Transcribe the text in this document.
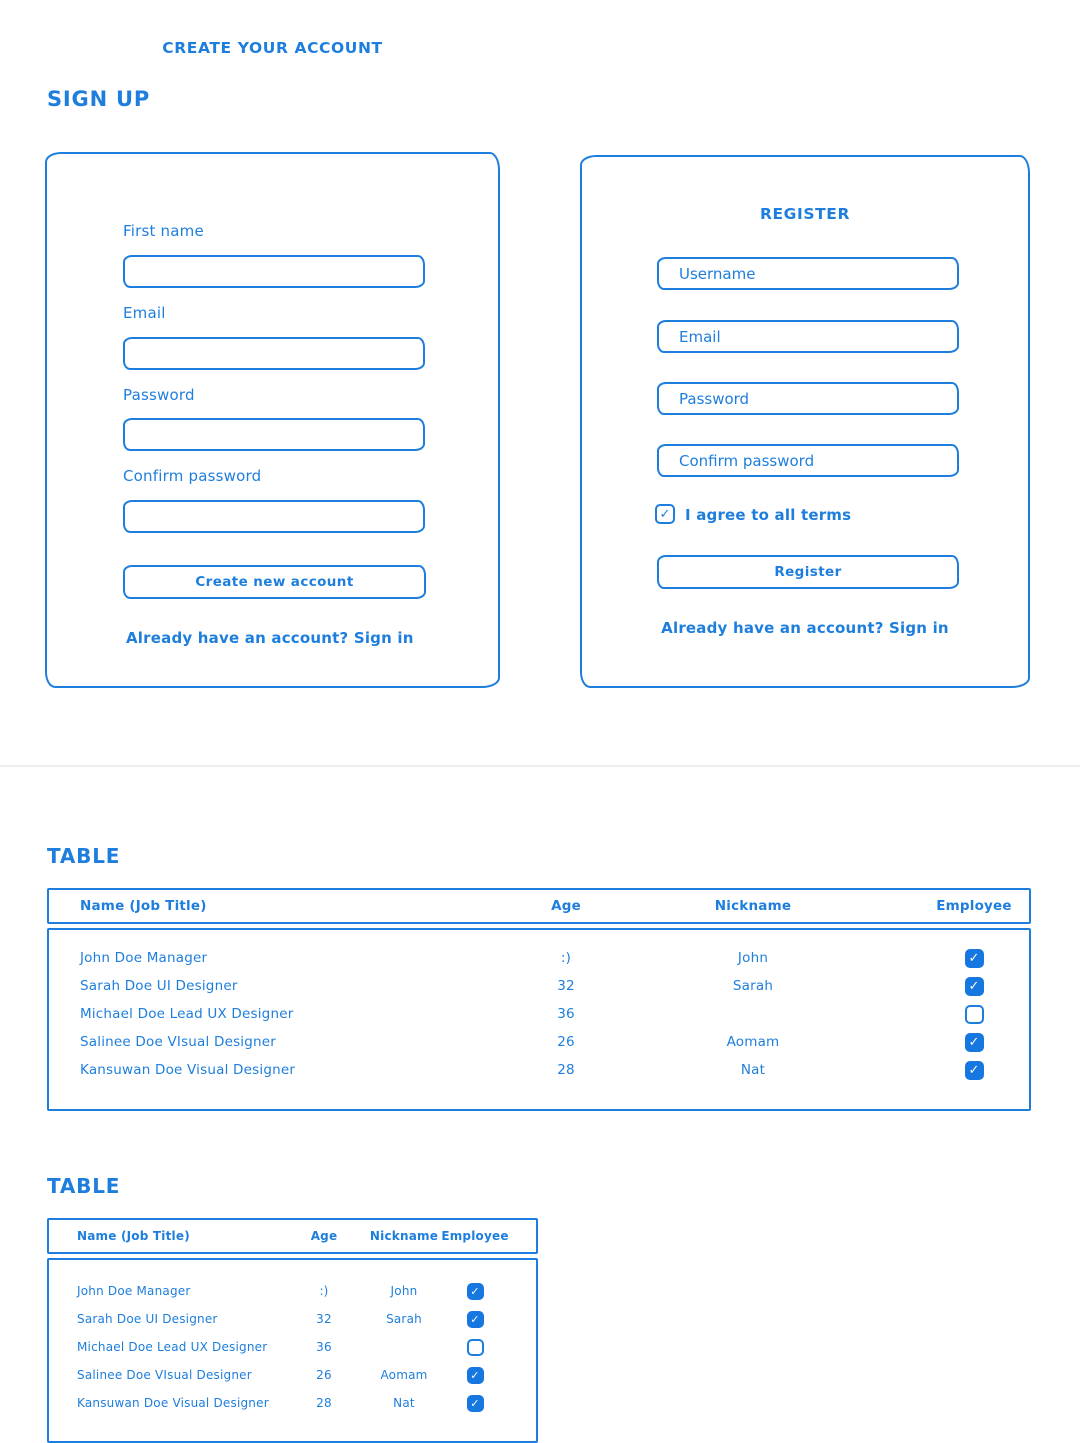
SIGN UP
CREATE YOUR ACCOUNT
First name
Email
Password
Confirm password
Create new account
Already have an account? Sign in
REGISTER
Username
Email
✓ I agree to all terms
Register
Already have an account? Sign in
TABLE
Name (Job Title)	Age	Nickname	Employee
John Doe Manager	:)	John	✓
Sarah Doe UI Designer	32	Sarah	✓
Michael Doe Lead UX Designer	36
Salinee Doe VIsual Designer	26	Aomam	✓
Kansuwan Doe Visual Designer	28	Nat	✓
TABLE
Name (Job Title)	Age	Nickname Employee
John Doe Manager	:)	John	✓
Sarah Doe UI Designer	32	Sarah	✓
Michael Doe Lead UX Designer	36
Salinee Doe VIsual Designer	26	Aomam	✓
Kansuwan Doe Visual Designer	28	Nat	✓
